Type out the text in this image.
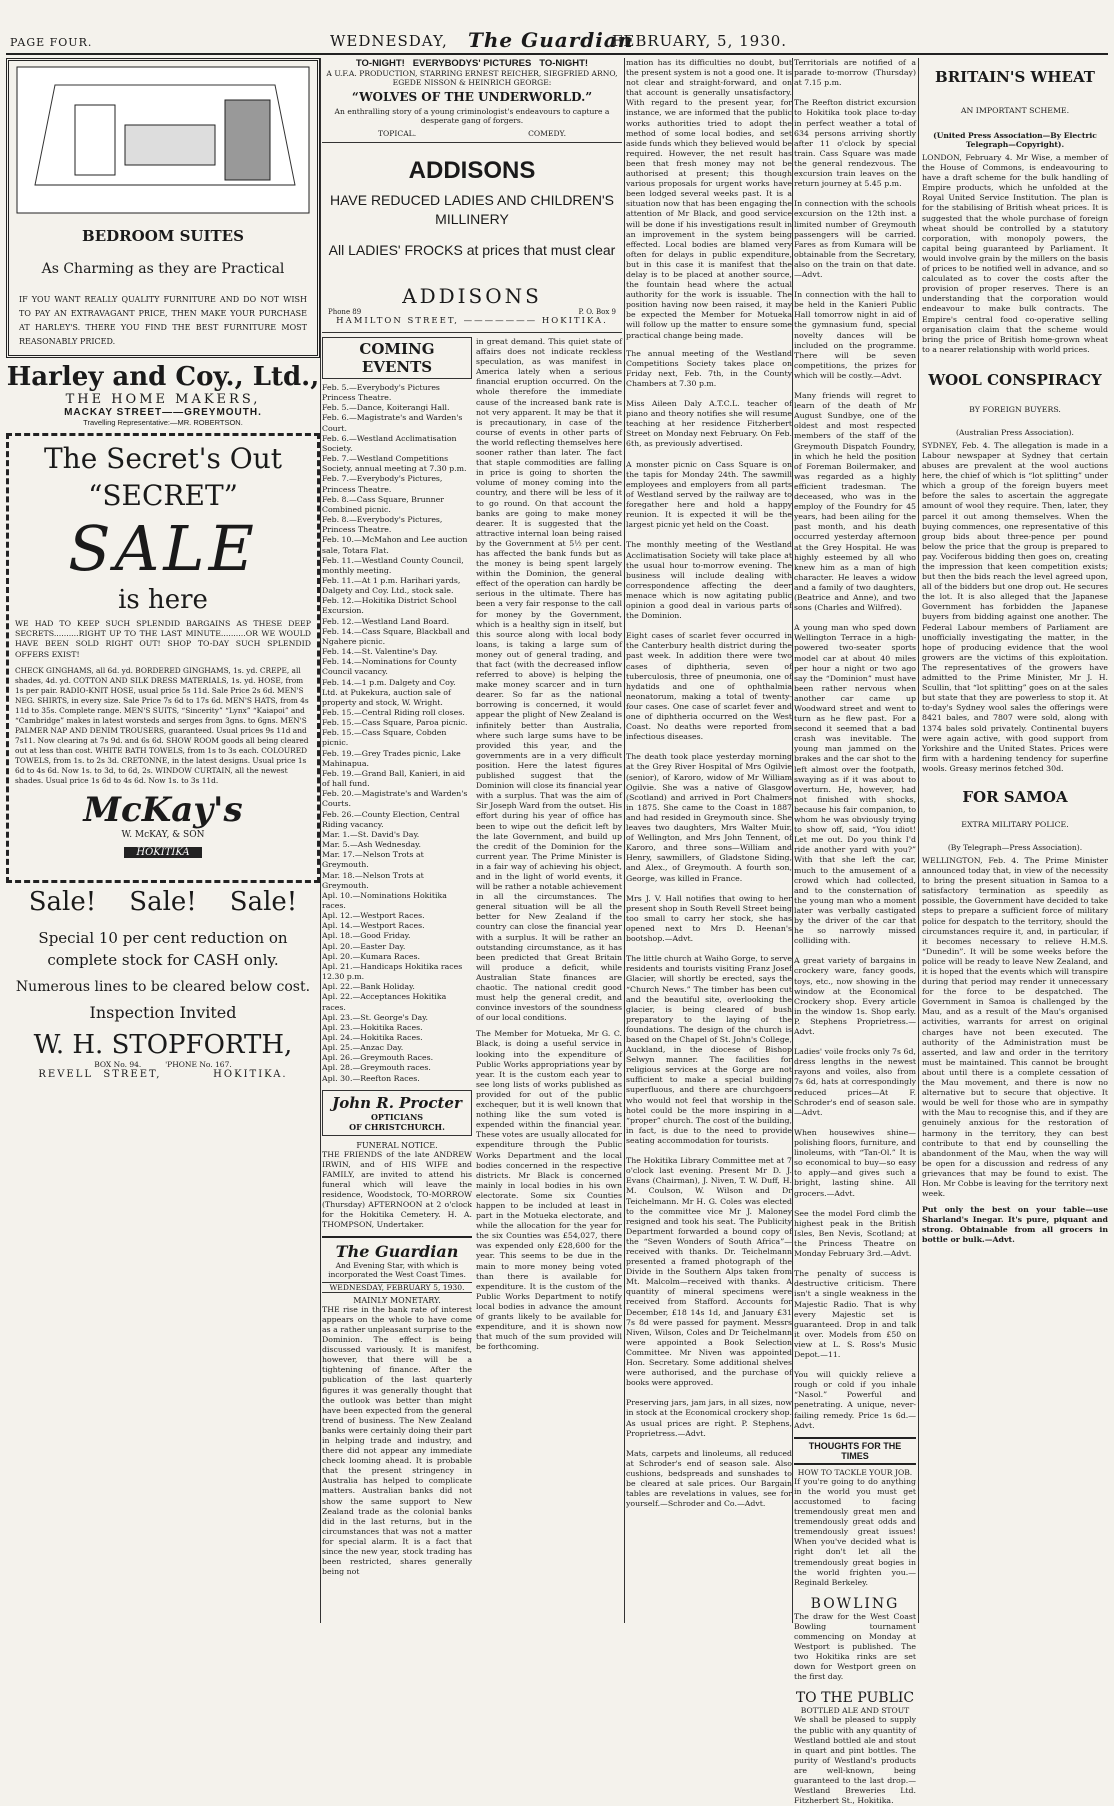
PAGE FOUR.	WEDNESDAY, The Guardian
FEBRUARY, 5, 1930.
BEDROOM SUITES
As Charming as they are Practical
IF YOU WANT REALLY QUALITY FURNITURE AND DO NOT WISH TO PAY AN EXTRAVAGANT PRICE, THEN MAKE YOUR PURCHASE AT HARLEY'S. THERE YOU FIND THE BEST FURNITURE MOST REASONABLY PRICED.
Harley and Coy., Ltd.,
THE HOME MAKERS,
MACKAY STREET——GREYMOUTH.
Travelling Representative:—MR. ROBERTSON.
The Secret's Out
“SECRET”
SALE
is here
WE HAD TO KEEP SUCH SPLENDID BARGAINS AS THESE DEEP SECRETS..........RIGHT UP TO THE LAST MINUTE..........OR WE WOULD HAVE BEEN SOLD RIGHT OUT! SHOP TO-DAY SUCH SPLENDID OFFERS EXIST!
CHECK GINGHAMS, all 6d. yd. BORDERED GINGHAMS, 1s. yd. CREPE, all shades, 4d. yd. COTTON AND SILK DRESS MATERIALS, 1s. yd. HOSE, from 1s per pair. RADIO-KNIT HOSE, usual price 5s 11d. Sale Price 2s 6d. MEN'S NEG. SHIRTS, in every size. Sale Price 7s 6d to 17s 6d. MEN'S HATS, from 4s 11d to 35s. Complete range. MEN'S SUITS, “Sincerity” “Lynx” “Kaiapoi” and “Cambridge” makes in latest worsteds and serges from 3gns. to 6gns. MEN'S PALMER NAP AND DENIM TROUSERS, guaranteed. Usual prices 9s 11d and 7s11. Now clearing at 7s 9d. and 6s 6d. SHOW ROOM goods all being cleared out at less than cost. WHITE BATH TOWELS, from 1s to 3s each. COLOURED TOWELS, from 1s. to 2s 3d. CRETONNE, in the latest designs. Usual price 1s 6d to 4s 6d. Now 1s. to 3d, to 6d, 2s. WINDOW CURTAIN, all the newest shades. Usual price 1s 6d to 4s 6d. Now 1s. to 3s 11d.
McKay's
W. McKAY, & SON
HOKITIKA
Sale!    Sale!    Sale!
Special 10 per cent reduction on complete stock for CASH only.
Numerous lines to be cleared below cost.
Inspection Invited
W. H. STOPFORTH,
BOX No. 94.          'PHONE No. 167.
REVELL  STREET,          HOKITIKA.
TO-NIGHT!   EVERYBODYS' PICTURES   TO-NIGHT!
A U.F.A. PRODUCTION, STARRING ERNEST REICHER, SIEGFRIED ARNO, EGEDE NISSON & HEINRICH GEORGE:
“WOLVES OF THE UNDERWORLD.”
An enthralling story of a young criminologist's endeavours to capture a desperate gang of forgers.
TOPICAL.	COMEDY.
ADDISONS
HAVE REDUCED LADIES AND CHILDREN'S MILLINERY
All LADIES' FROCKS at prices that must clear
ADDISONS
Phone 89	P. O. Box 9
HAMILTON STREET, ——————— HOKITIKA.
COMING EVENTS
Feb. 5.—Everybody's Pictures Princess Theatre.
Feb. 5.—Dance, Koiterangi Hall.
Feb. 6.—Magistrate's and Warden's Court.
Feb. 6.—Westland Acclimatisation Society.
Feb. 7.—Westland Competitions Society, annual meeting at 7.30 p.m.
Feb. 7.—Everybody's Pictures, Princess Theatre.
Feb. 8.—Cass Square, Brunner Combined picnic.
Feb. 8.—Everybody's Pictures, Princess Theatre.
Feb. 10.—McMahon and Lee auction sale, Totara Flat.
Feb. 11.—Westland County Council, monthly meeting.
Feb. 11.—At 1 p.m. Harihari yards, Dalgety and Coy. Ltd., stock sale.
Feb. 12.—Hokitika District School Excursion.
Feb. 12.—Westland Land Board.
Feb. 14.—Cass Square, Blackball and Ngahere picnic.
Feb. 14.—St. Valentine's Day.
Feb. 14.—Nominations for County Council vacancy.
Feb. 14.—1 p.m. Dalgety and Coy. Ltd. at Pukekura, auction sale of property and stock, W. Wright.
Feb. 15.—Central Riding roll closes.
Feb. 15.—Cass Square, Paroa picnic.
Feb. 15.—Cass Square, Cobden picnic.
Feb. 19.—Grey Trades picnic, Lake Mahinapua.
Feb. 19.—Grand Ball, Kanieri, in aid of hall fund.
Feb. 20.—Magistrate's and Warden's Courts.
Feb. 26.—County Election, Central Riding vacancy.
Mar. 1.—St. David's Day.
Mar. 5.—Ash Wednesday.
Mar. 17.—Nelson Trots at Greymouth.
Mar. 18.—Nelson Trots at Greymouth.
Apl. 10.—Nominations Hokitika races.
Apl. 12.—Westport Races.
Apl. 14.—Westport Races.
Apl. 18.—Good Friday.
Apl. 20.—Easter Day.
Apl. 20.—Kumara Races.
Apl. 21.—Handicaps Hokitika races 12.30 p.m.
Apl. 22.—Bank Holiday.
Apl. 22.—Acceptances Hokitika races.
Apl. 23.—St. George's Day.
Apl. 23.—Hokitika Races.
Apl. 24.—Hokitika Races.
Apl. 25.—Anzac Day.
Apl. 26.—Greymouth Races.
Apl. 28.—Greymouth races.
Apl. 30.—Reefton Races.
John R. Procter
OPTICIANS
OF CHRISTCHURCH.
FUNERAL NOTICE.
THE FRIENDS of the late ANDREW IRWIN, and of HIS WIFE and FAMILY, are invited to attend his funeral which will leave the residence, Woodstock, TO-MORROW (Thursday) AFTERNOON at 2 o'clock for the Hokitika Cemetery. H. A. THOMPSON, Undertaker.
The Guardian
And Evening Star, with which is incorporated the West Coast Times.
WEDNESDAY, FEBRUARY 5, 1930.
MAINLY MONETARY.
THE rise in the bank rate of interest appears on the whole to have come as a rather unpleasant surprise to the Dominion. The effect is being discussed variously. It is manifest, however, that there will be a tightening of finance. After the publication of the last quarterly figures it was generally thought that the outlook was better than might have been expected from the general trend of business. The New Zealand banks were certainly doing their part in helping trade and industry, and there did not appear any immediate check looming ahead. It is probable that the present stringency in Australia has helped to complicate matters. Australian banks did not show the same support to New Zealand trade as the colonial banks did in the last returns, but in the circumstances that was not a matter for special alarm. It is a fact that since the new year, stock trading has been restricted, shares generally being not
in great demand. This quiet state of affairs does not indicate reckless speculation, as was manifest in America lately when a serious financial eruption occurred. On the whole therefore the immediate cause of the increased bank rate is not very apparent. It may be that it is precautionary, in case of the course of events in other parts of the world reflecting themselves here sooner rather than later. The fact that staple commodities are falling in price is going to shorten the volume of money coming into the country, and there will be less of it to go round. On that account the banks are going to make money dearer. It is suggested that the attractive internal loan being raised by the Government at 5½ per cent. has affected the bank funds but as the money is being spent largely within the Dominion, the general effect of the operation can hardly be serious in the ultimate. There has been a very fair response to the call for money by the Government, which is a healthy sign in itself, but this source along with local body loans, is taking a large sum of money out of general trading, and that fact (with the decreased inflow referred to above) is helping the make money scarcer and in turn dearer. So far as the national borrowing is concerned, it would appear the plight of New Zealand is infinitely better than Australia, where such large sums have to be provided this year, and the governments are in a very difficult position. Here the latest figures published suggest that the Dominion will close its financial year with a surplus. That was the aim of Sir Joseph Ward from the outset. His effort during his year of office has been to wipe out the deficit left by the late Government, and build up the credit of the Dominion for the current year. The Prime Minister is in a fair way of achieving his object, and in the light of world events, it will be rather a notable achievement in all the circumstances. The general situation will be all the better for New Zealand if the country can close the financial year with a surplus. It will be rather an outstanding circumstance, as it has been predicted that Great Britain will produce a deficit, while Australian State finances are chaotic. The national credit good must help the general credit, and convince investors of the soundness of our local conditions.
The Member for Motueka, Mr G. C. Black, is doing a useful service in looking into the expenditure of Public Works appropriations year by year. It is the custom each year to see long lists of works published as provided for out of the public exchequer, but it is well known that nothing like the sum voted is expended within the financial year. These votes are usually allocated for expenditure through the Public Works Department and the local bodies concerned in the respective districts. Mr Black is concerned mainly in local bodies in his own electorate. Some six Counties happen to be included at least in part in the Motueka electorate, and while the allocation for the year for the six Counties was £54,027, there was expended only £28,600 for the year. This seems to be due in the main to more money being voted than there is available for expenditure. It is the custom of the Public Works Department to notify local bodies in advance the amount of grants likely to be available for expenditure, and it is shown now that much of the sum provided will be forthcoming.
mation has its difficulties no doubt, but the present system is not a good one. It is not clear and straight-forward, and on that account is generally unsatisfactory. With regard to the present year, for instance, we are informed that the public works authorities tried to adopt the method of some local bodies, and set aside funds which they believed would be required. However, the net result has been that fresh money may not be authorised at present; this though various proposals for urgent works have been lodged several weeks past. It is a situation now that has been engaging the attention of Mr Black, and good service will be done if his investigations result in an improvement in the system being effected. Local bodies are blamed very often for delays in public expenditure, but in this case it is manifest that the delay is to be placed at another source, the fountain head where the actual authority for the work is issuable. The position having now been raised, it may be expected the Member for Motueka will follow up the matter to ensure some practical change being made.
The annual meeting of the Westland Competitions Society takes place on Friday next, Feb. 7th, in the County Chambers at 7.30 p.m.

Miss Aileen Daly A.T.C.L. teacher of piano and theory notifies she will resume teaching at her residence Fitzherbert Street on Monday next February. On Feb. 6th, as previously advertised.

A monster picnic on Cass Square is on the tapis for Monday 24th. The sawmill employees and employers from all parts of Westland served by the railway are to foregather here and hold a happy reunion. It is expected it will be the largest picnic yet held on the Coast.

The monthly meeting of the Westland Acclimatisation Society will take place at the usual hour to-morrow evening. The business will include dealing with correspondence affecting the deer menace which is now agitating public opinion a good deal in various parts of the Dominion.

Eight cases of scarlet fever occurred in the Canterbury health district during the past week. In addition there were two cases of diphtheria, seven of tuberculosis, three of pneumonia, one of hydatids and one of ophthalmia neonatorum, making a total of twenty-four cases. One case of scarlet fever and one of diphtheria occurred on the West Coast. No deaths were reported from infectious diseases.

The death took place yesterday morning at the Grey River Hospital of Mrs Ogilvie (senior), of Karoro, widow of Mr William Ogilvie. She was a native of Glasgow (Scotland) and arrived in Port Chalmers in 1875. She came to the Coast in 1887 and had resided in Greymouth since. She leaves two daughters, Mrs Walter Muir, of Wellington, and Mrs John Tennent, of Karoro, and three sons—William and Henry, sawmillers, of Gladstone Siding, and Alex., of Greymouth. A fourth son, George, was killed in France.

Mrs J. V. Hall notifies that owing to her present shop in South Revell Street being too small to carry her stock, she has opened next to Mrs D. Heenan's bootshop.—Advt.

The little church at Waiho Gorge, to serve residents and tourists visiting Franz Josef Glacier, will shortly be erected, says the “Church News.” The timber has been cut and the beautiful site, overlooking the glacier, is being cleared of bush preparatory to the laying of the foundations. The design of the church is based on the Chapel of St. John's College, Auckland, in the diocese of Bishop Selwyn manner. The facilities for religious services at the Gorge are not sufficient to make a special building superfluous, and there are churchgoers who would not feel that worship in the hotel could be the more inspiring in a “proper” church. The cost of the building, in fact, is due to the need to provide seating accommodation for tourists.

The Hokitika Library Committee met at 7 o'clock last evening. Present Mr D. J. Evans (Chairman), J. Niven, T. W. Duff, H. M. Coulson, W. Wilson and Dr Teichelmann. Mr H. G. Coles was elected to the committee vice Mr J. Maloney resigned and took his seat. The Publicity Department forwarded a bound copy of the “Seven Wonders of South Africa”—received with thanks. Dr. Teichelmann presented a framed photograph of the Divide in the Southern Alps taken from Mt. Malcolm—received with thanks. A quantity of mineral specimens were received from Stafford. Accounts for December, £18 14s 1d, and January £31 7s 8d were passed for payment. Messrs Niven, Wilson, Coles and Dr Teichelmann were appointed a Book Selection Committee. Mr Niven was appointed Hon. Secretary. Some additional shelves were authorised, and the purchase of books were approved.

Preserving jars, jam jars, in all sizes, now in stock at the Economical crockery shop. As usual prices are right. P. Stephens, Proprietress.—Advt.

Mats, carpets and linoleums, all reduced at Schroder's end of season sale. Also cushions, bedspreads and sunshades to be cleared at sale prices. Our Bargain tables are revelations in values, see for yourself.—Schroder and Co.—Advt.
Territorials are notified of a parade to-morrow (Thursday) at 7.15 p.m.

The Reefton district excursion to Hokitika took place to-day in perfect weather a total of 634 persons arriving shortly after 11 o'clock by special train. Cass Square was made the general rendezvous. The excursion train leaves on the return journey at 5.45 p.m.

In connection with the schools excursion on the 12th inst. a limited number of Greymouth passengers will be carried. Fares as from Kumara will be obtainable from the Secretary, also on the train on that date.—Advt.

In connection with the hall to be held in the Kanieri Public Hall tomorrow night in aid of the gymnasium fund, special novelty dances will be included on the programme. There will be seven competitions, the prizes for which will be costly.—Advt.

Many friends will regret to learn of the death of Mr August Sundbye, one of the oldest and most respected members of the staff of the Greymouth Dispatch Foundry, in which he held the position of Foreman Boilermaker, and was regarded as a highly efficient tradesman. The deceased, who was in the employ of the Foundry for 45 years, had been ailing for the past month, and his death occurred yesterday afternoon at the Grey Hospital. He was highly esteemed by all who knew him as a man of high character. He leaves a widow and a family of two daughters, (Beatrice and Anne), and two sons (Charles and Wilfred).

A young man who sped down Wellington Terrace in a high-powered two-seater sports model car at about 40 miles per hour a night or two ago say the “Dominion” must have been rather nervous when another car came up Woodward street and went to turn as he flew past. For a second it seemed that a bad crash was inevitable. The young man jammed on the brakes and the car shot to the left almost over the footpath, swaying as if it was about to overturn. He, however, had not finished with shocks, because his fair companion, to whom he was obviously trying to show off, said, “You idiot! Let me out. Do you think I'd ride another yard with you?” With that she left the car, much to the amusement of a crowd which had collected, and to the consternation of the young man who a moment later was verbally castigated by the driver of the car that he so narrowly missed colliding with.

A great variety of bargains in crockery ware, fancy goods, toys, etc., now showing in the window at the Economical Crockery shop. Every article in the window 1s. Shop early. P. Stephens Proprietress.—Advt.

Ladies' voile frocks only 7s 6d, dress lengths in the newest rayons and voiles, also from 7s 6d, hats at correspondingly reduced prices—At F. Schroder's end of season sale.—Advt.

When housewives shine—polishing floors, furniture, and linoleums, with “Tan-Ol.” It is so economical to buy—so easy to apply—and gives such a bright, lasting shine. All grocers.—Advt.

See the model Ford climb the highest peak in the British Isles, Ben Nevis, Scotland; at the Princess Theatre on Monday February 3rd.—Advt.

The penalty of success is destructive criticism. There isn't a single weakness in the Majestic Radio. That is why every Majestic set is guaranteed. Drop in and talk it over. Models from £50 on view at L. S. Ross's Music Depot.—11.

You will quickly relieve a rough or cold if you inhale “Nasol.” Powerful and penetrating. A unique, never-failing remedy. Price 1s 6d.—Advt.
THOUGHTS FOR THE TIMES
HOW TO TACKLE YOUR JOB.
If you're going to do anything in the world you must get accustomed to facing tremendously great men and tremendously great odds and tremendously great issues! When you've decided what is right don't let all the tremendously great bogies in the world frighten you.—Reginald Berkeley.
BOWLING
The draw for the West Coast Bowling tournament commencing on Monday at Westport is published. The two Hokitika rinks are set down for Westport green on the first day.
TO THE PUBLIC
BOTTLED ALE AND STOUT
We shall be pleased to supply the public with any quantity of Westland bottled ale and stout in quart and pint bottles. The purity of Westland's products are well-known, being guaranteed to the last drop.—Westland Breweries Ltd. Fitzherbert St., Hokitika.
BRITAIN'S WHEAT
AN IMPORTANT SCHEME.
(United Press Association—By Electric Telegraph—Copyright).
LONDON, February 4. Mr Wise, a member of the House of Commons, is endeavouring to have a draft scheme for the bulk handling of Empire products, which he unfolded at the Royal United Service Institution. The plan is for the stabilising of British wheat prices. It is suggested that the whole purchase of foreign wheat should be controlled by a statutory corporation, with monopoly powers, the capital being guaranteed by Parliament. It would involve grain by the millers on the basis of prices to be notified well in advance, and so calculated as to cover the costs after the provision of proper reserves. There is an understanding that the corporation would endeavour to make bulk contracts. The Empire's central food co-operative selling organisation claim that the scheme would bring the price of British home-grown wheat to a nearer relationship with world prices.
WOOL CONSPIRACY
BY FOREIGN BUYERS.
(Australian Press Association).
SYDNEY, Feb. 4. The allegation is made in a Labour newspaper at Sydney that certain abuses are prevalent at the wool auctions here, the chief of which is “lot splitting” under which a group of the foreign buyers meet before the sales to ascertain the aggregate amount of wool they require. Then, later, they parcel it out among themselves. When the buying commences, one representative of this group bids about three-pence per pound below the price that the group is prepared to pay. Vociferous bidding then goes on, creating the impression that keen competition exists; but then the bids reach the level agreed upon, all of the bidders but one drop out. He secures the lot. It is also alleged that the Japanese Government has forbidden the Japanese buyers from bidding against one another. The Federal Labour members of Parliament are unofficially investigating the matter, in the hope of producing evidence that the wool growers are the victims of this exploitation. The representatives of the growers have admitted to the Prime Minister, Mr J. H. Scullin, that “lot splitting” goes on at the sales but state that they are powerless to stop it. At to-day's Sydney wool sales the offerings were 8421 bales, and 7807 were sold, along with 1374 bales sold privately. Continental buyers were again active, with good support from Yorkshire and the United States. Prices were firm with a hardening tendency for superfine wools. Greasy merinos fetched 30d.
FOR SAMOA
EXTRA MILITARY POLICE.
(By Telegraph—Press Association).
WELLINGTON, Feb. 4. The Prime Minister announced today that, in view of the necessity to bring the present situation in Samoa to a satisfactory termination as speedily as possible, the Government have decided to take steps to prepare a sufficient force of military police for despatch to the territory, should the circumstances require it, and, in particular, if it becomes necessary to relieve H.M.S. “Dunedin”. It will be some weeks before the police will be ready to leave New Zealand, and it is hoped that the events which will transpire during that period may render it unnecessary for the force to be despatched. The Government in Samoa is challenged by the Mau, and as a result of the Mau's organised activities, warrants for arrest on original charges have not been executed. The authority of the Administration must be asserted, and law and order in the territory must be maintained. This cannot be brought about until there is a complete cessation of the Mau movement, and there is now no alternative but to secure that objective. It would be well for those who are in sympathy with the Mau to recognise this, and if they are genuinely anxious for the restoration of harmony in the territory, they can best contribute to that end by counselling the abandonment of the Mau, when the way will be open for a discussion and redress of any grievances that may be found to exist. The Hon. Mr Cobbe is leaving for the territory next week.
Put only the best on your table—use Sharland's Inegar. It's pure, piquant and strong. Obtainable from all grocers in bottle or bulk.—Advt.
